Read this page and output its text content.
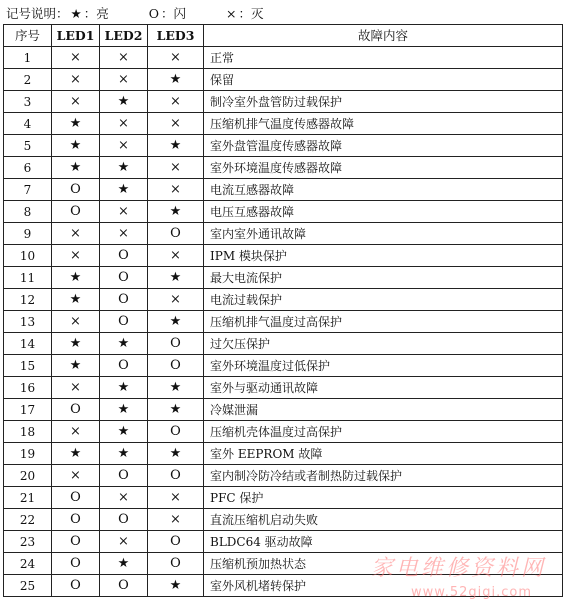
记号说明： ★ ：亮	O ：闪	× ：灭
序号	LED1	LED2	LED3	故障内容
1	×	×	×	正常
2	×	×	★	保留
3	×	★	×	制冷室外盘管防过载保护
4	★	×	×	压缩机排气温度传感器故障
5	★	×	★	室外盘管温度传感器故障
6	★	★	×	室外环境温度传感器故障
7	O	★	×	电流互感器故障
8	O	×	★	电压互感器故障
9	×	×	O	室内室外通讯故障
10	×	O	×	IPM 模块保护
11	★	O	★	最大电流保护
12	★	O	×	电流过载保护
13	×	O	★	压缩机排气温度过高保护
14	★	★	O	过欠压保护
15	★	O	O	室外环境温度过低保护
16	×	★	★	室外与驱动通讯故障
17	O	★	★	冷媒泄漏
18	×	★	O	压缩机壳体温度过高保护
19	★	★	★	室外 EEPROM 故障
20	×	O	O	室内制冷防冷结或者制热防过载保护
21	O	×	×	PFC 保护
22	O	O	×	直流压缩机启动失败
23	O	×	O	BLDC64 驱动故障
24	O	★	O	压缩机预加热状态
25	O	O	★	室外风机堵转保护
家电维修资料网
www.52gigi.com
